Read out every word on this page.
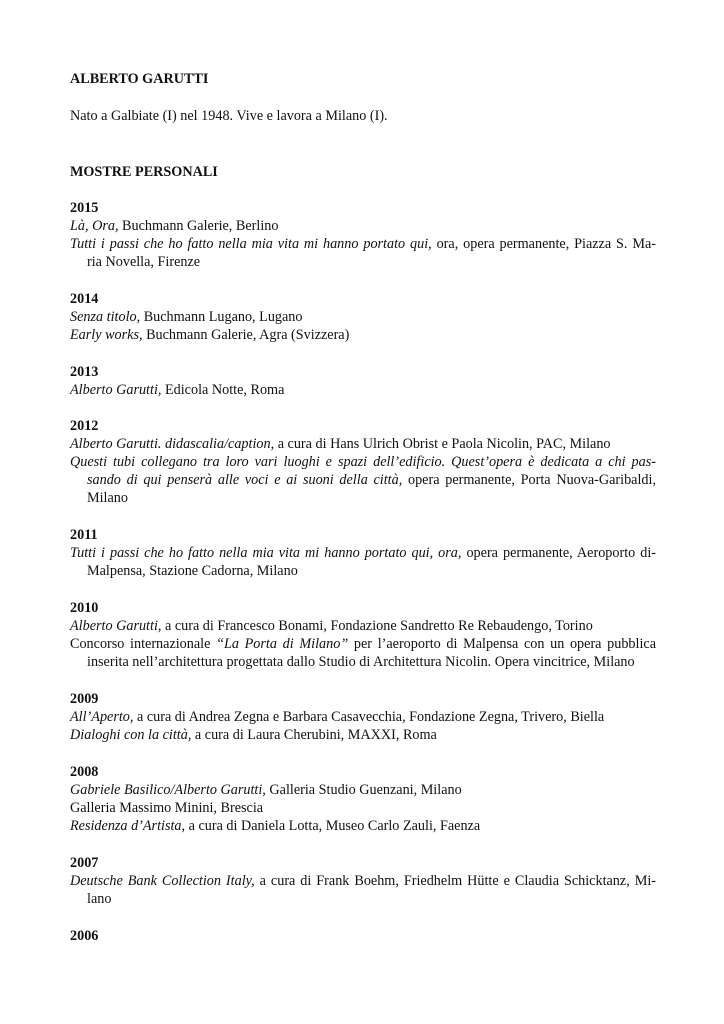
ALBERTO GARUTTI
Nato a Galbiate (I) nel 1948. Vive e lavora a Milano (I).
MOSTRE PERSONALI
2015
Là, Ora, Buchmann Galerie, Berlino
Tutti i passi che ho fatto nella mia vita mi hanno portato qui, ora, opera permanente, Piazza S. Ma-
ria Novella, Firenze
2014
Senza titolo, Buchmann Lugano, Lugano
Early works, Buchmann Galerie, Agra (Svizzera)
2013
Alberto Garutti, Edicola Notte, Roma
2012
Alberto Garutti. didascalia/caption, a cura di Hans Ulrich Obrist e Paola Nicolin, PAC, Milano
Questi tubi collegano tra loro vari luoghi e spazi dell’edificio. Quest’opera è dedicata a chi pas-
sando di qui penserà alle voci e ai suoni della città, opera permanente, Porta Nuova-Garibaldi,
Milano
2011
Tutti i passi che ho fatto nella mia vita mi hanno portato qui, ora, opera permanente, Aeroporto di-
Malpensa, Stazione Cadorna, Milano
2010
Alberto Garutti, a cura di Francesco Bonami, Fondazione Sandretto Re Rebaudengo, Torino
Concorso internazionale “La Porta di Milano” per l’aeroporto di Malpensa con un opera pubblica
inserita nell’architettura progettata dallo Studio di Architettura Nicolin. Opera vincitrice, Milano
2009
All’Aperto, a cura di Andrea Zegna e Barbara Casavecchia, Fondazione Zegna, Trivero, Biella
Dialoghi con la città, a cura di Laura Cherubini, MAXXI, Roma
2008
Gabriele Basilico/Alberto Garutti, Galleria Studio Guenzani, Milano
Galleria Massimo Minini, Brescia
Residenza d’Artista, a cura di Daniela Lotta, Museo Carlo Zauli, Faenza
2007
Deutsche Bank Collection Italy, a cura di Frank Boehm, Friedhelm Hütte e Claudia Schicktanz, Mi-
lano
2006
